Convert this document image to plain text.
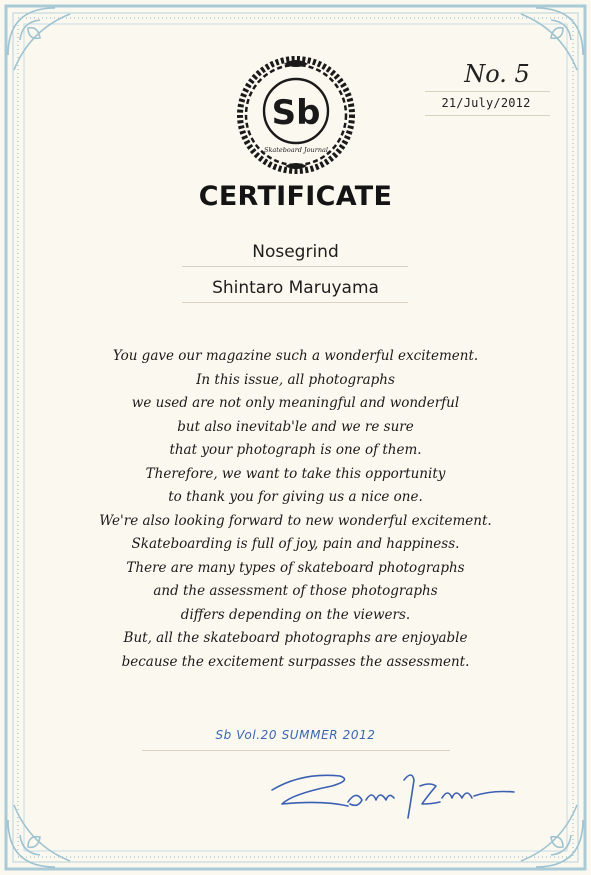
Sb
Skateboard Journal
No. 5
21/July/2012
CERTIFICATE
Nosegrind
Shintaro Maruyama
You gave our magazine such a wonderful excitement.
In this issue, all photographs
we used are not only meaningful and wonderful
but also inevitab'le and we re sure
that your photograph is one of them.
Therefore, we want to take this opportunity
to thank you for giving us a nice one.
We're also looking forward to new wonderful excitement.
Skateboarding is full of joy, pain and happiness.
There are many types of skateboard photographs
and the assessment of those photographs
differs depending on the viewers.
But, all the skateboard photographs are enjoyable
because the excitement surpasses the assessment.
Sb Vol.20 SUMMER 2012
